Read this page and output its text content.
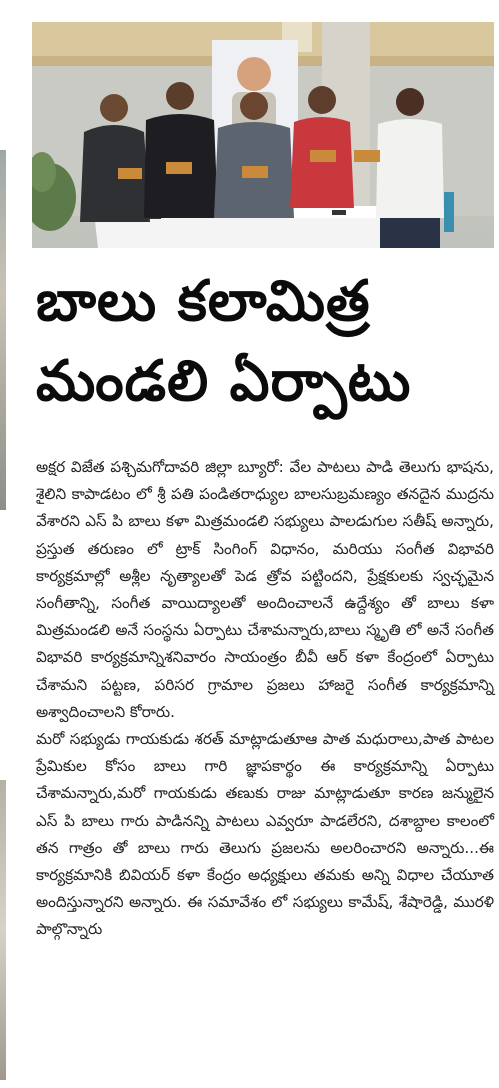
బాలు కలామిత్ర
మండలి ఏర్పాటు

అక్షర విజేత పశ్చిమగోదావరి జిల్లా బ్యూరో: వేల పాటలు పాడి తెలుగు భాషను, శైలిని కాపాడటం లో శ్రీ పతి పండితరాధ్యుల బాలసుబ్రమణ్యం తనదైన ముద్రను వేశారని ఎస్ పి బాలు కళా మిత్రమండలి సభ్యులు పాలడుగుల సతీష్ అన్నారు, ప్రస్తుత తరుణం లో ట్రాక్ సింగింగ్ విధానం, మరియు సంగీత విభావరి కార్యక్రమాల్లో అశ్లీల నృత్యాలతో పెడ త్రోవ పట్టిందని, ప్రేక్షకులకు స్వచ్ఛమైన సంగీతాన్ని, సంగీత వాయిద్యాలతో అందించాలనే ఉద్దేశ్యం తో బాలు కళా మిత్రమండలి అనే సంస్థను ఏర్పాటు చేశామన్నారు,బాలు స్మృతి లో అనే సంగీత విభావరి కార్యక్రమాన్నిశనివారం సాయంత్రం బీవీ ఆర్ కళా కేంద్రంలో ఏర్పాటు చేశామని పట్టణ, పరిసర గ్రామాల ప్రజలు హాజరై సంగీత కార్యక్రమాన్ని అశ్వాదించాలని కోరారు.

మరో సభ్యుడు గాయకుడు శరత్ మాట్లాడుతూఆ పాత మధురాలు,పాత పాటల ప్రేమికుల కోసం బాలు గారి జ్ఞాపకార్థం ఈ కార్యక్రమాన్ని ఏర్పాటు చేశామన్నారు,మరో గాయకుడు తణుకు రాజు మాట్లాడుతూ కారణ జన్ములైన ఎస్ పి బాలు గారు పాడినన్ని పాటలు ఎవ్వరూ పాడలేరని, దశాబ్దాల కాలంలో తన గాత్రం తో బాలు గారు తెలుగు ప్రజలను అలరించారని అన్నారు...ఈ కార్యక్రమానికి బివియర్ కళా కేంద్రం అధ్యక్షులు తమకు అన్ని విధాల చేయూత అందిస్తున్నారని అన్నారు. ఈ సమావేశం లో సభ్యులు కామేష్, శేషారెడ్డి, మురళి పాల్గొన్నారు
